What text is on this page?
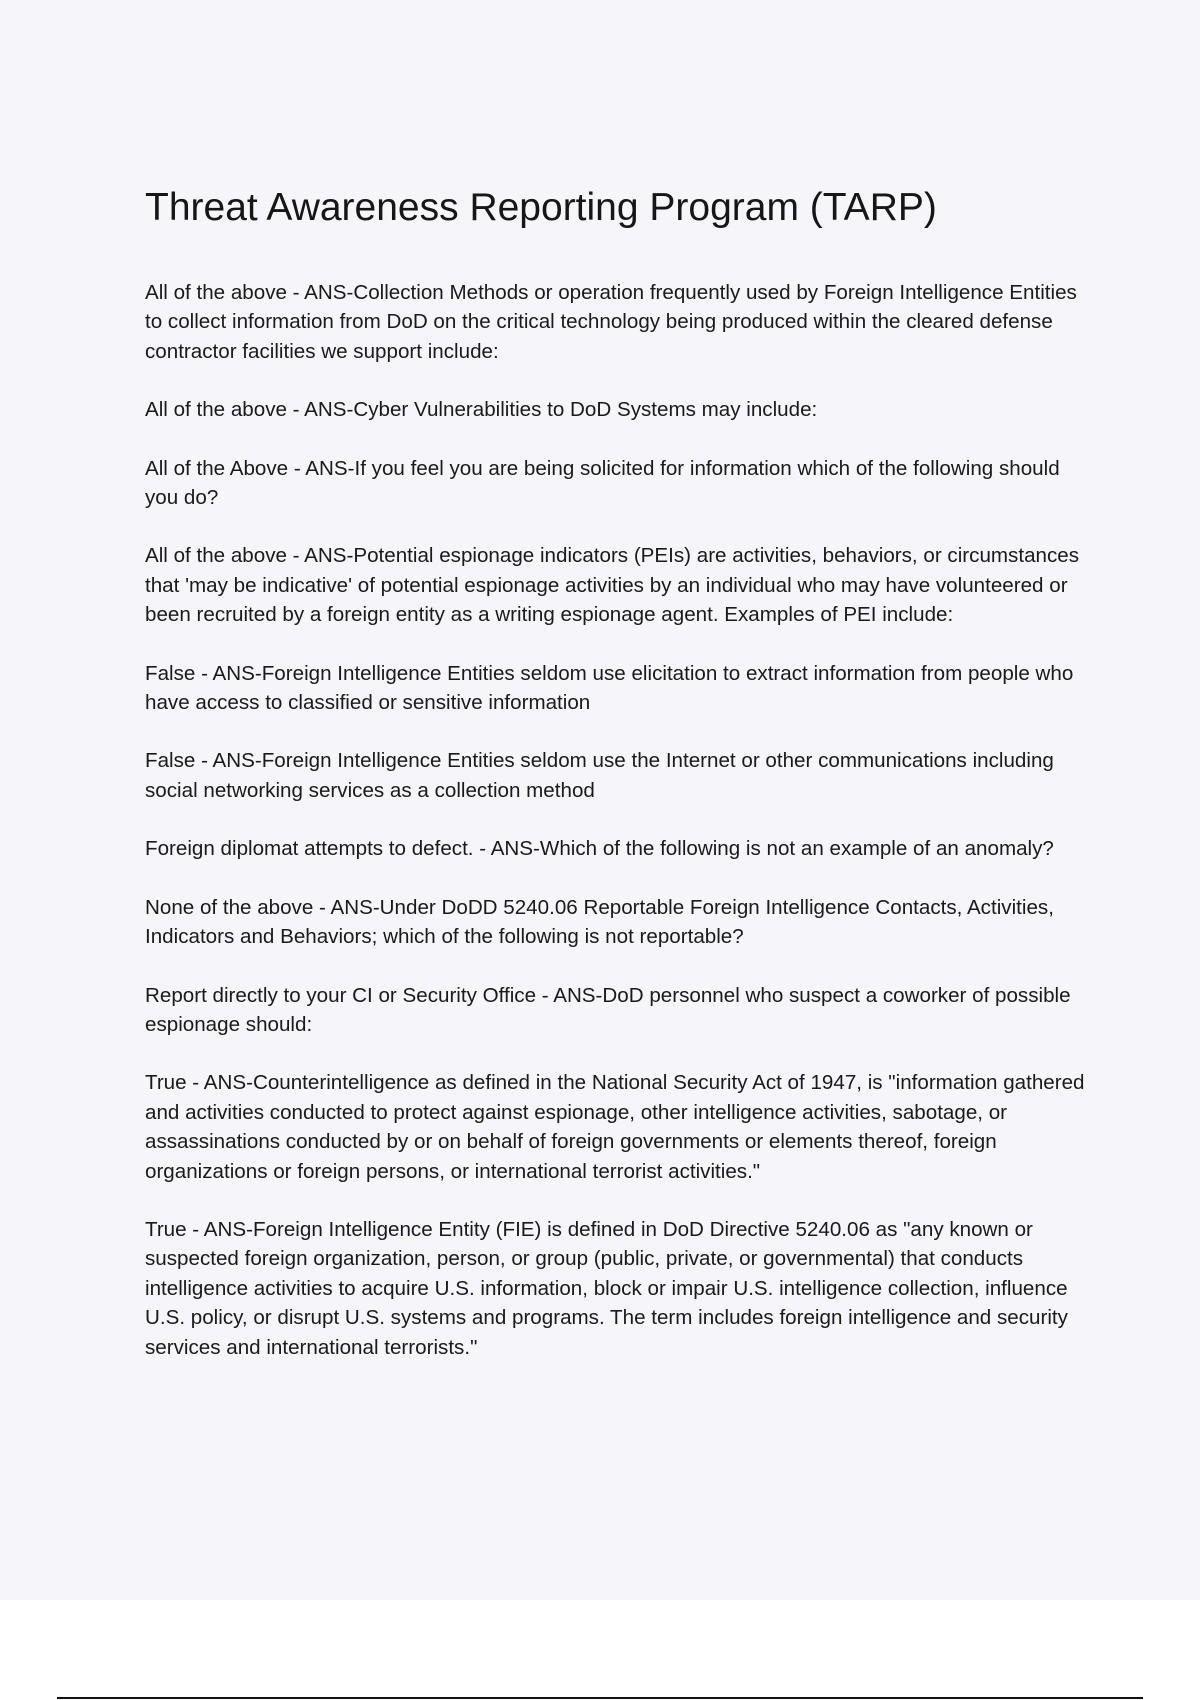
Threat Awareness Reporting Program (TARP)
All of the above - ANS-Collection Methods or operation frequently used by Foreign Intelligence Entities to collect information from DoD on the critical technology being produced within the cleared defense contractor facilities we support include:
All of the above - ANS-Cyber Vulnerabilities to DoD Systems may include:
All of the Above - ANS-If you feel you are being solicited for information which of the following should you do?
All of the above - ANS-Potential espionage indicators (PEIs) are activities, behaviors, or circumstances that 'may be indicative' of potential espionage activities by an individual who may have volunteered or been recruited by a foreign entity as a writing espionage agent. Examples of PEI include:
False - ANS-Foreign Intelligence Entities seldom use elicitation to extract information from people who have access to classified or sensitive information
False - ANS-Foreign Intelligence Entities seldom use the Internet or other communications including social networking services as a collection method
Foreign diplomat attempts to defect. - ANS-Which of the following is not an example of an anomaly?
None of the above - ANS-Under DoDD 5240.06 Reportable Foreign Intelligence Contacts, Activities, Indicators and Behaviors; which of the following is not reportable?
Report directly to your CI or Security Office - ANS-DoD personnel who suspect a coworker of possible espionage should:
True - ANS-Counterintelligence as defined in the National Security Act of 1947, is "information gathered and activities conducted to protect against espionage, other intelligence activities, sabotage, or assassinations conducted by or on behalf of foreign governments or elements thereof, foreign organizations or foreign persons, or international terrorist activities."
True - ANS-Foreign Intelligence Entity (FIE) is defined in DoD Directive 5240.06 as "any known or suspected foreign organization, person, or group (public, private, or governmental) that conducts intelligence activities to acquire U.S. information, block or impair U.S. intelligence collection, influence U.S. policy, or disrupt U.S. systems and programs. The term includes foreign intelligence and security services and international terrorists."
